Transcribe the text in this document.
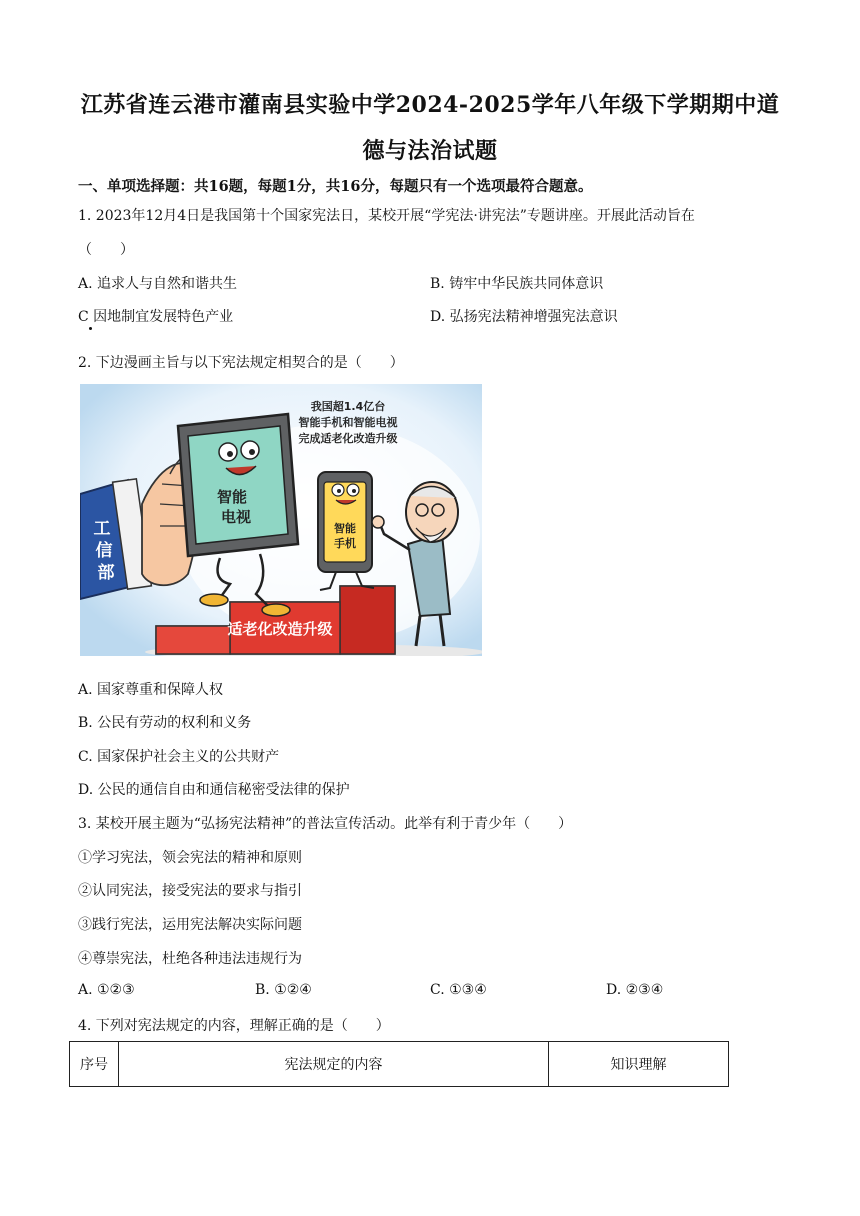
江苏省连云港市灌南县实验中学2024-2025学年八年级下学期期中道
德与法治试题
一、单项选择题：共16题，每题1分，共16分，每题只有一个选项最符合题意。
1. 2023年12月4日是我国第十个国家宪法日，某校开展“学宪法·讲宪法”专题讲座。开展此活动旨在
（　　）
A. 追求人与自然和谐共生	B. 铸牢中华民族共同体意识
C 因地制宜发展特色产业	D. 弘扬宪法精神增强宪法意识
2. 下边漫画主旨与以下宪法规定相契合的是（　　）
我国超1.4亿台
智能手机和智能电视
完成适老化改造升级
智能
电视
智能
手机
工
信
部
适老化改造升级
A. 国家尊重和保障人权
B. 公民有劳动的权利和义务
C. 国家保护社会主义的公共财产
D. 公民的通信自由和通信秘密受法律的保护
3. 某校开展主题为“弘扬宪法精神”的普法宣传活动。此举有利于青少年（　　）
①学习宪法，领会宪法的精神和原则
②认同宪法，接受宪法的要求与指引
③践行宪法，运用宪法解决实际问题
④尊崇宪法，杜绝各种违法违规行为
A. ①②③	B. ①②④	C. ①③④	D. ②③④
4. 下列对宪法规定的内容，理解正确的是（　　）
序号	宪法规定的内容	知识理解
